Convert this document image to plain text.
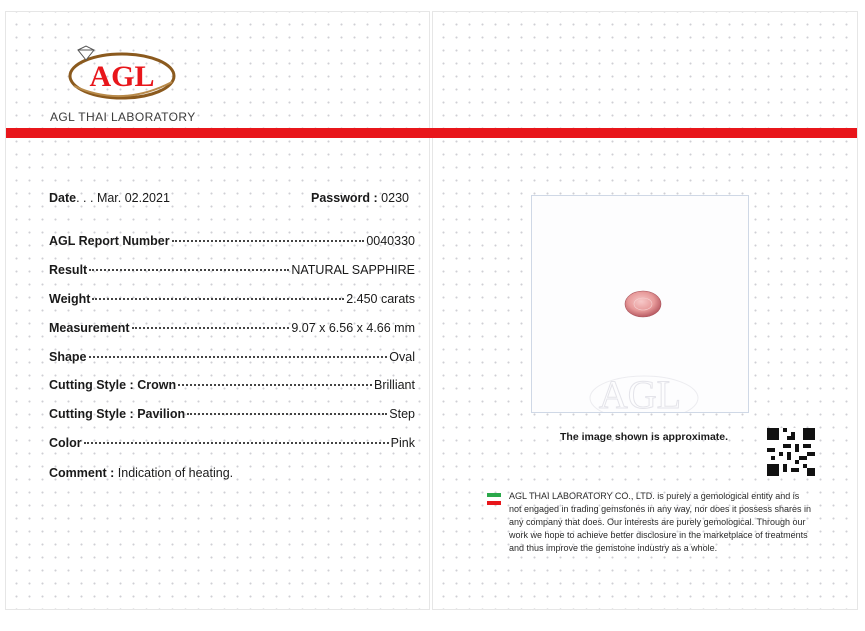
AGL
AGL THAI LABORATORY
Date. . . Mar. 02.2021	Password : 0230
AGL Report Number	0040330
Result	NATURAL SAPPHIRE
Weight	2.450 carats
Measurement	9.07 x 6.56 x 4.66 mm
Shape	Oval
Cutting Style : Crown	Brilliant
Cutting Style : Pavilion	Step
Color	Pink
Comment : Indication of heating.
AGL
The image shown is approximate.
AGL THAI LABORATORY CO., LTD. is purely a gemological entity and is not engaged in trading gemstones in any way, nor does it possess shares in any company that does. Our interests are purely gemological. Through our work we hope to achieve better disclosure in the marketplace of treatments and thus improve the gemstone industry as a whole.
